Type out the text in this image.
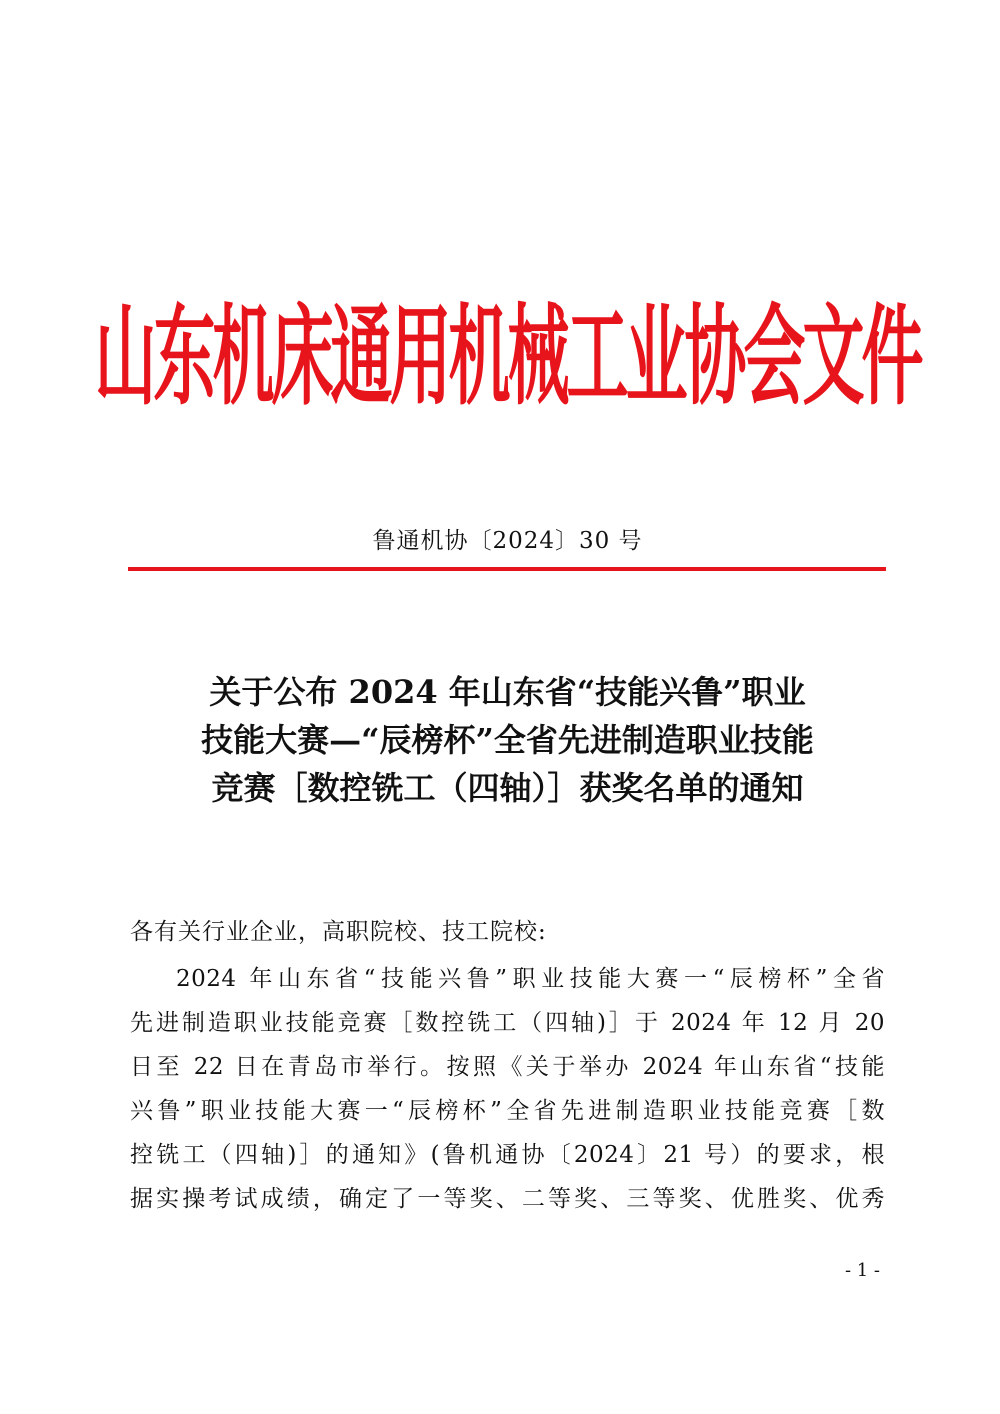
山东机床通用机械工业协会文件
鲁通机协〔2024〕30 号
关于公布 2024 年山东省“技能兴鲁”职业
技能大赛—“辰榜杯”全省先进制造职业技能
竞赛［数控铣工（四轴）］获奖名单的通知
各有关行业企业，高职院校、技工院校:
2024 年山东省“技能兴鲁”职业技能大赛一“辰榜杯”全省
先进制造职业技能竞赛［数控铣工（四轴)］于 2024 年 12 月 20
日至 22 日在青岛市举行。按照《关于举办 2024 年山东省“技能
兴鲁”职业技能大赛一“辰榜杯”全省先进制造职业技能竞赛［数
控铣工（四轴)］的通知》(鲁机通协〔2024〕21 号）的要求，根
据实操考试成绩，确定了一等奖、二等奖、三等奖、优胜奖、优秀
- 1 -
